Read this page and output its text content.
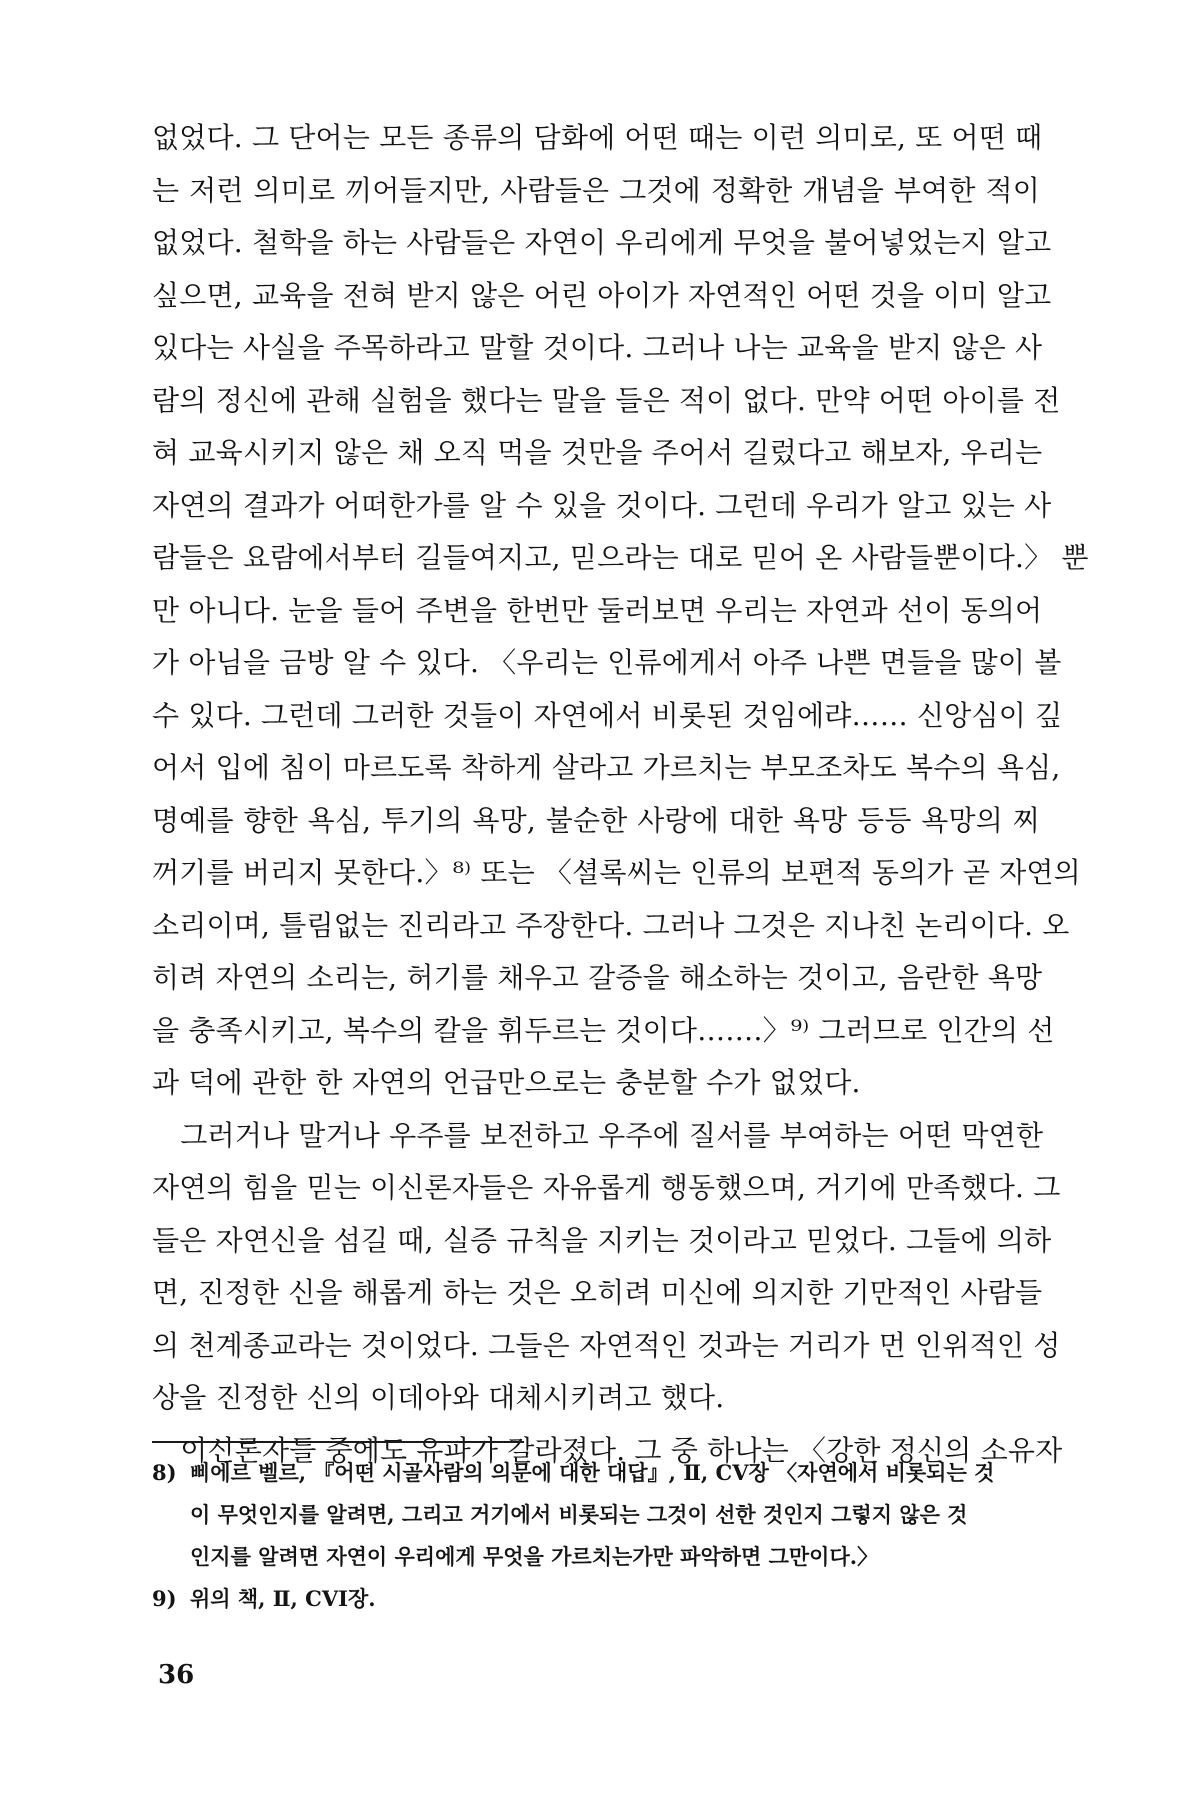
없었다. 그 단어는 모든 종류의 담화에 어떤 때는 이런 의미로, 또 어떤 때
는 저런 의미로 끼어들지만, 사람들은 그것에 정확한 개념을 부여한 적이
없었다. 철학을 하는 사람들은 자연이 우리에게 무엇을 불어넣었는지 알고
싶으면, 교육을 전혀 받지 않은 어린 아이가 자연적인 어떤 것을 이미 알고
있다는 사실을 주목하라고 말할 것이다. 그러나 나는 교육을 받지 않은 사
람의 정신에 관해 실험을 했다는 말을 들은 적이 없다. 만약 어떤 아이를 전
혀 교육시키지 않은 채 오직 먹을 것만을 주어서 길렀다고 해보자, 우리는
자연의 결과가 어떠한가를 알 수 있을 것이다. 그런데 우리가 알고 있는 사
람들은 요람에서부터 길들여지고, 믿으라는 대로 믿어 온 사람들뿐이다.〉 뿐
만 아니다. 눈을 들어 주변을 한번만 둘러보면 우리는 자연과 선이 동의어
가 아님을 금방 알 수 있다. 〈우리는 인류에게서 아주 나쁜 면들을 많이 볼
수 있다. 그런데 그러한 것들이 자연에서 비롯된 것임에랴…… 신앙심이 깊
어서 입에 침이 마르도록 착하게 살라고 가르치는 부모조차도 복수의 욕심,
명예를 향한 욕심, 투기의 욕망, 불순한 사랑에 대한 욕망 등등 욕망의 찌
꺼기를 버리지 못한다.〉⁸⁾ 또는 〈셜록씨는 인류의 보편적 동의가 곧 자연의
소리이며, 틀림없는 진리라고 주장한다. 그러나 그것은 지나친 논리이다. 오
히려 자연의 소리는, 허기를 채우고 갈증을 해소하는 것이고, 음란한 욕망
을 충족시키고, 복수의 칼을 휘두르는 것이다…….〉⁹⁾ 그러므로 인간의 선
과 덕에 관한 한 자연의 언급만으로는 충분할 수가 없었다.
　그러거나 말거나 우주를 보전하고 우주에 질서를 부여하는 어떤 막연한
자연의 힘을 믿는 이신론자들은 자유롭게 행동했으며, 거기에 만족했다. 그
들은 자연신을 섬길 때, 실증 규칙을 지키는 것이라고 믿었다. 그들에 의하
면, 진정한 신을 해롭게 하는 것은 오히려 미신에 의지한 기만적인 사람들
의 천계종교라는 것이었다. 그들은 자연적인 것과는 거리가 먼 인위적인 성
상을 진정한 신의 이데아와 대체시키려고 했다.
　이신론자들 중에도 유파가 갈라졌다. 그 중 하나는 〈강한 정신의 소유자
8) 삐에르 벨르, 『어떤 시골사람의 의문에 대한 대답』, Ⅱ, CV장 〈자연에서 비롯되는 것
이 무엇인지를 알려면, 그리고 거기에서 비롯되는 그것이 선한 것인지 그렇지 않은 것
인지를 알려면 자연이 우리에게 무엇을 가르치는가만 파악하면 그만이다.〉
9) 위의 책, Ⅱ, CVI장.
36
